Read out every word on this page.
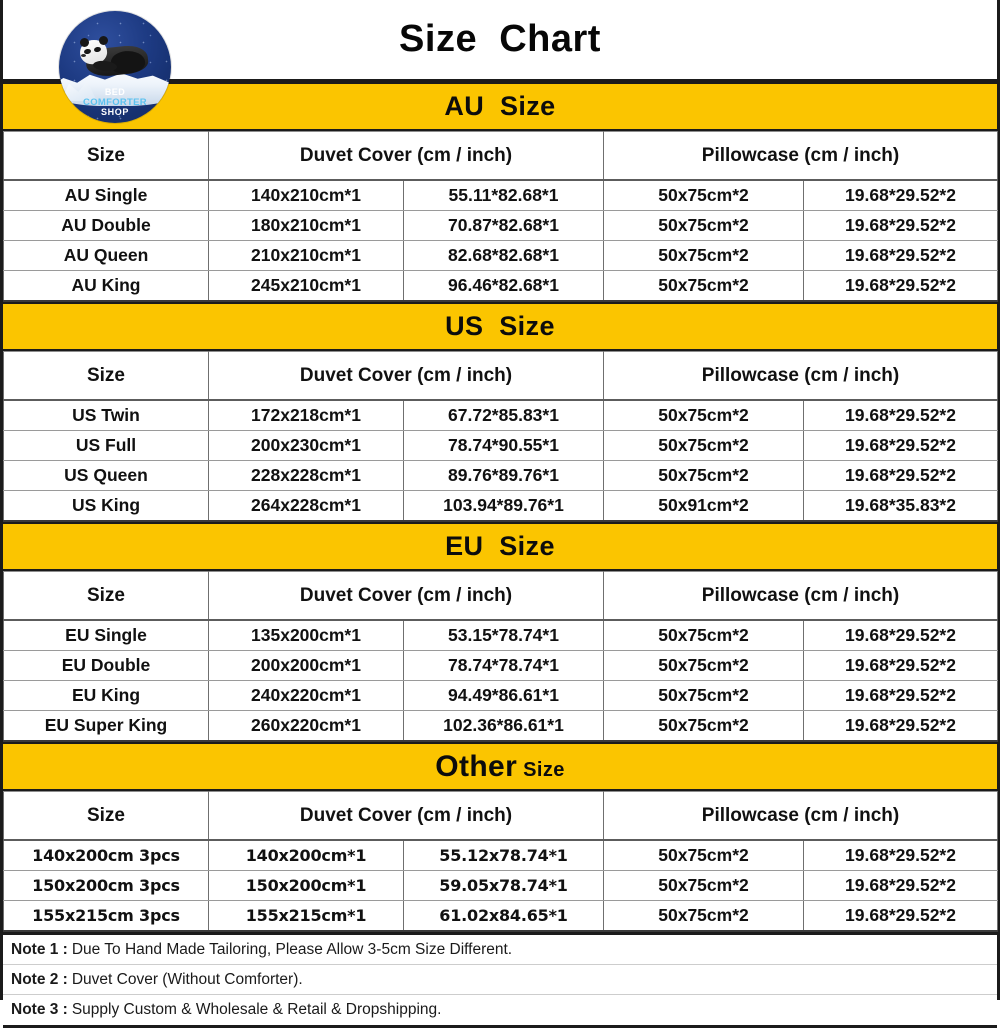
Size  Chart
BED
COMFORTER
SHOP	AU  Size
Size	Duvet Cover (cm / inch)		Pillowcase (cm / inch)	
AU Single	140x210cm*1	55.11*82.68*1	50x75cm*2	19.68*29.52*2
AU Double	180x210cm*1	70.87*82.68*1	50x75cm*2	19.68*29.52*2
AU Queen	210x210cm*1	82.68*82.68*1	50x75cm*2	19.68*29.52*2
AU King	245x210cm*1	96.46*82.68*1	50x75cm*2	19.68*29.52*2
US  Size
Size	Duvet Cover (cm / inch)		Pillowcase (cm / inch)	
US Twin	172x218cm*1	67.72*85.83*1	50x75cm*2	19.68*29.52*2
US Full	200x230cm*1	78.74*90.55*1	50x75cm*2	19.68*29.52*2
US Queen	228x228cm*1	89.76*89.76*1	50x75cm*2	19.68*29.52*2
US King	264x228cm*1	103.94*89.76*1	50x91cm*2	19.68*35.83*2
EU  Size
Size	Duvet Cover (cm / inch)		Pillowcase (cm / inch)	
EU Single	135x200cm*1	53.15*78.74*1	50x75cm*2	19.68*29.52*2
EU Double	200x200cm*1	78.74*78.74*1	50x75cm*2	19.68*29.52*2
EU King	240x220cm*1	94.49*86.61*1	50x75cm*2	19.68*29.52*2
EU Super King	260x220cm*1	102.36*86.61*1	50x75cm*2	19.68*29.52*2
Other Size
Size	Duvet Cover (cm / inch)		Pillowcase (cm / inch)	
140x200cm 3pcs	140x200cm*1	55.12x78.74*1	50x75cm*2	19.68*29.52*2
150x200cm 3pcs	150x200cm*1	59.05x78.74*1	50x75cm*2	19.68*29.52*2
155x215cm 3pcs	155x215cm*1	61.02x84.65*1	50x75cm*2	19.68*29.52*2
Note 1 : Due To Hand Made Tailoring, Please Allow 3-5cm Size Different.
Note 2 : Duvet Cover (Without Comforter).
Note 3 : Supply Custom & Wholesale & Retail & Dropshipping.
